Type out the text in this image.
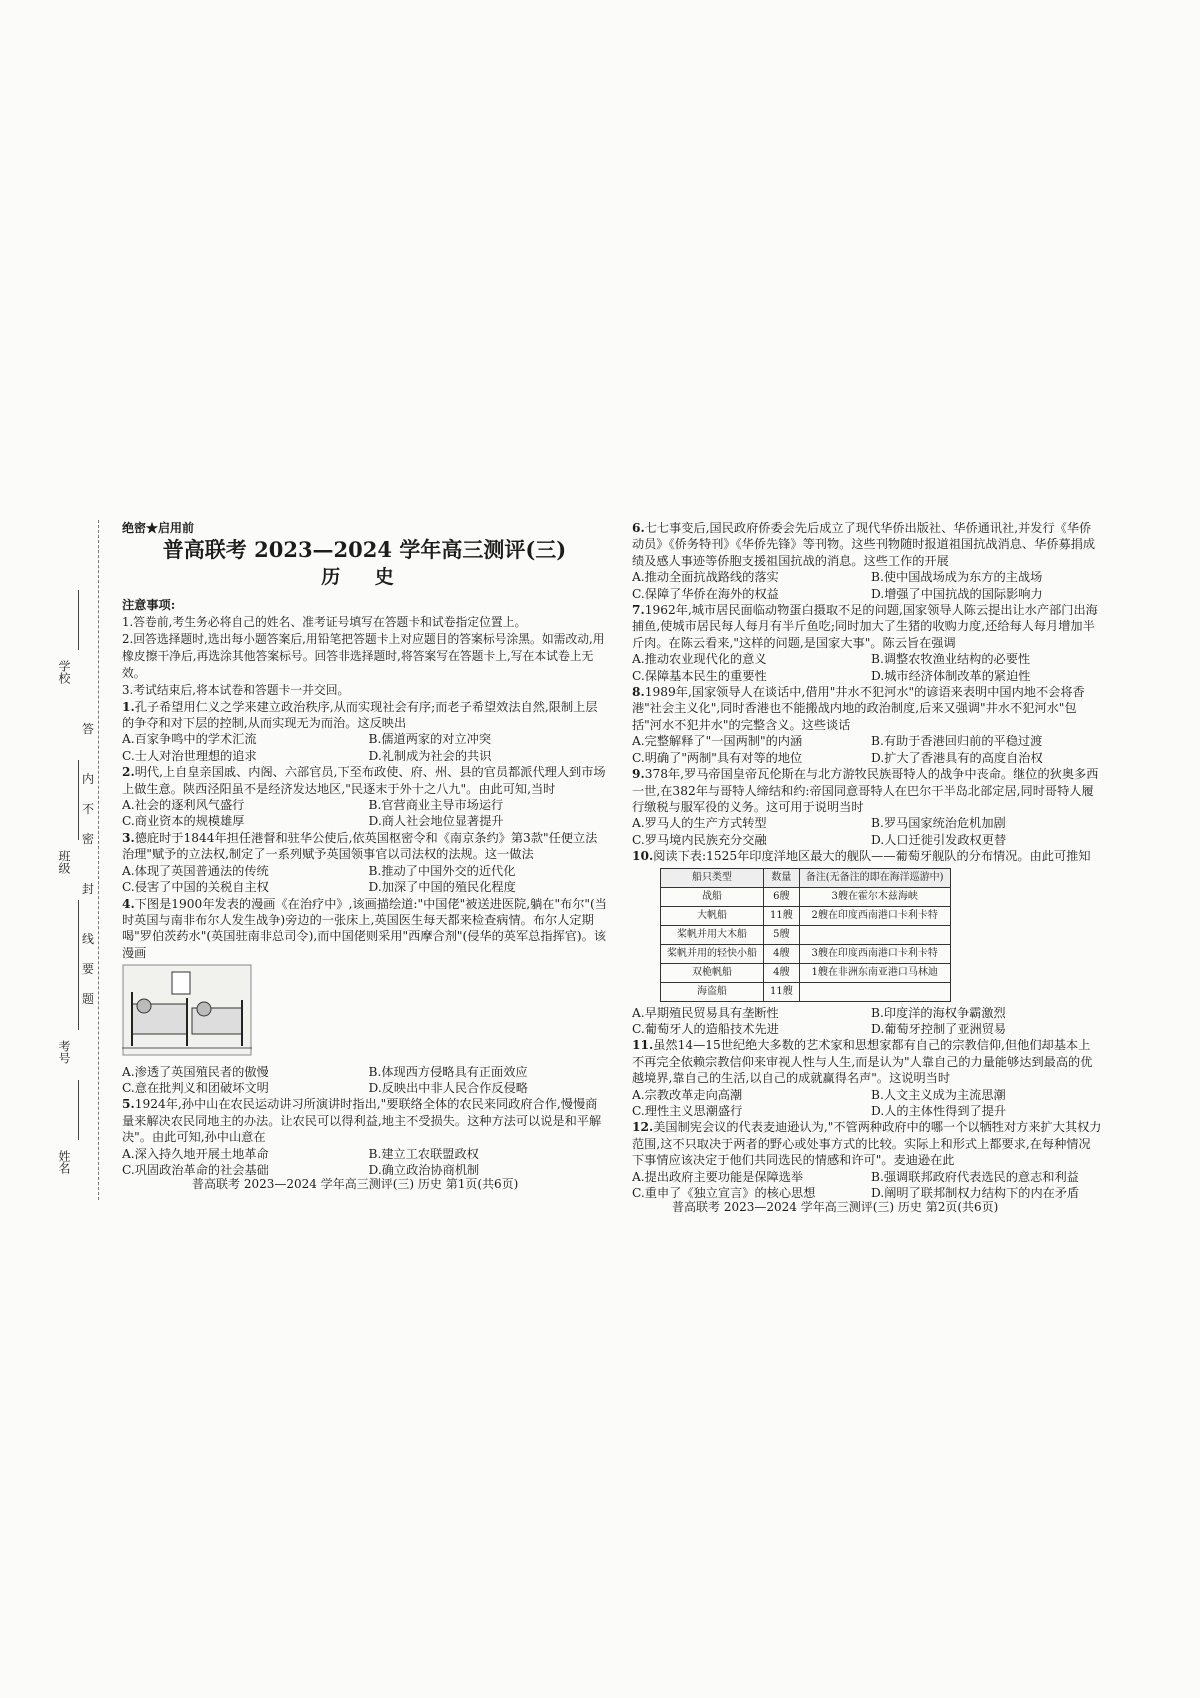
学校
班级
考号
姓名
密
封
线
内
不
要
答
题

绝密★启用前

普高联考 2023—2024 学年高三测评(三)
历 史

注意事项:

1.答卷前,考生务必将自己的姓名、准考证号填写在答题卡和试卷指定位置上。

2.回答选择题时,选出每小题答案后,用铅笔把答题卡上对应题目的答案标号涂黑。如需改动,用橡皮擦干净后,再选涂其他答案标号。回答非选择题时,将答案写在答题卡上,写在本试卷上无效。

3.考试结束后,将本试卷和答题卡一并交回。

1.孔子希望用仁义之学来建立政治秩序,从而实现社会有序;而老子希望效法自然,限制上层的争夺和对下层的控制,从而实现无为而治。这反映出

A.百家争鸣中的学术汇流	B.儒道两家的对立冲突
C.士人对治世理想的追求	D.礼制成为社会的共识

2.明代,上自皇亲国戚、内阁、六部官员,下至布政使、府、州、县的官员都派代理人到市场上做生意。陕西泾阳虽不是经济发达地区,"民逐末于外十之八九"。由此可知,当时

A.社会的逐利风气盛行	B.官营商业主导市场运行
C.商业资本的规模雄厚	D.商人社会地位显著提升

3.德庇时于1844年担任港督和驻华公使后,依英国枢密令和《南京条约》第3款"任便立法治理"赋予的立法权,制定了一系列赋予英国领事官以司法权的法规。这一做法

A.体现了英国普通法的传统	B.推动了中国外交的近代化
C.侵害了中国的关税自主权	D.加深了中国的殖民化程度

4.下图是1900年发表的漫画《在治疗中》,该画描绘道:"中国佬"被送进医院,躺在"布尔"(当时英国与南非布尔人发生战争)旁边的一张床上,英国医生每天都来检查病情。布尔人定期喝"罗伯茨药水"(英国驻南非总司令),而中国佬则采用"西摩合剂"(侵华的英军总指挥官)。该漫画

A.渗透了英国殖民者的傲慢	B.体现西方侵略具有正面效应
C.意在批判义和团破坏文明	D.反映出中非人民合作反侵略

5.1924年,孙中山在农民运动讲习所演讲时指出,"要联络全体的农民来同政府合作,慢慢商量来解决农民同地主的办法。让农民可以得利益,地主不受损失。这种方法可以说是和平解决"。由此可知,孙中山意在

A.深入持久地开展土地革命	B.建立工农联盟政权
C.巩固政治革命的社会基础	D.确立政治协商机制
普高联考 2023—2024 学年高三测评(三) 历史 第1页(共6页)

6.七七事变后,国民政府侨委会先后成立了现代华侨出版社、华侨通讯社,并发行《华侨动员》《侨务特刊》《华侨先锋》等刊物。这些刊物随时报道祖国抗战消息、华侨募捐成绩及感人事迹等侨胞支援祖国抗战的消息。这些工作的开展

A.推动全面抗战路线的落实	B.使中国战场成为东方的主战场
C.保障了华侨在海外的权益	D.增强了中国抗战的国际影响力

7.1962年,城市居民面临动物蛋白摄取不足的问题,国家领导人陈云提出让水产部门出海捕鱼,使城市居民每人每月有半斤鱼吃;同时加大了生猪的收购力度,还给每人每月增加半斤肉。在陈云看来,"这样的问题,是国家大事"。陈云旨在强调

A.推动农业现代化的意义	B.调整农牧渔业结构的必要性
C.保障基本民生的重要性	D.城市经济体制改革的紧迫性

8.1989年,国家领导人在谈话中,借用"井水不犯河水"的谚语来表明中国内地不会将香港"社会主义化",同时香港也不能搬战内地的政治制度,后来又强调"井水不犯河水"包括"河水不犯井水"的完整含义。这些谈话

A.完整解释了"一国两制"的内涵	B.有助于香港回归前的平稳过渡
C.明确了"两制"具有对等的地位	D.扩大了香港具有的高度自治权

9.378年,罗马帝国皇帝瓦伦斯在与北方游牧民族哥特人的战争中丧命。继位的狄奥多西一世,在382年与哥特人缔结和约:帝国同意哥特人在巴尔干半岛北部定居,同时哥特人履行缴税与服军役的义务。这可用于说明当时

A.罗马人的生产方式转型	B.罗马国家统治危机加剧
C.罗马境内民族充分交融	D.人口迁徙引发政权更替

10.阅读下表:1525年印度洋地区最大的舰队——葡萄牙舰队的分布情况。由此可推知

船只类型	数量	备注(无备注的即在海洋巡游中)
战船	6艘	3艘在霍尔木兹海峡
大帆船	11艘	2艘在印度西南港口卡利卡特
桨帆并用大木船	5艘	
桨帆并用的轻快小船	4艘	3艘在印度西南港口卡利卡特
双桅帆船	4艘	1艘在非洲东南亚港口马林迪
海盗船	11艘	
A.早期殖民贸易具有垄断性	B.印度洋的海权争霸激烈
C.葡萄牙人的造船技术先进	D.葡萄牙控制了亚洲贸易

11.虽然14—15世纪绝大多数的艺术家和思想家都有自己的宗教信仰,但他们却基本上不再完全依赖宗教信仰来审视人性与人生,而是认为"人靠自己的力量能够达到最高的优越境界,靠自己的生活,以自己的成就赢得名声"。这说明当时

A.宗教改革走向高潮	B.人文主义成为主流思潮
C.理性主义思潮盛行	D.人的主体性得到了提升

12.美国制宪会议的代表麦迪逊认为,"不管两种政府中的哪一个以牺牲对方来扩大其权力范围,这不只取决于两者的野心或处事方式的比较。实际上和形式上都要求,在每种情况下事情应该决定于他们共同选民的情感和许可"。麦迪逊在此

A.提出政府主要功能是保障选举	B.强调联邦政府代表选民的意志和利益
C.重申了《独立宣言》的核心思想	D.阐明了联邦制权力结构下的内在矛盾
普高联考 2023—2024 学年高三测评(三) 历史 第2页(共6页)
